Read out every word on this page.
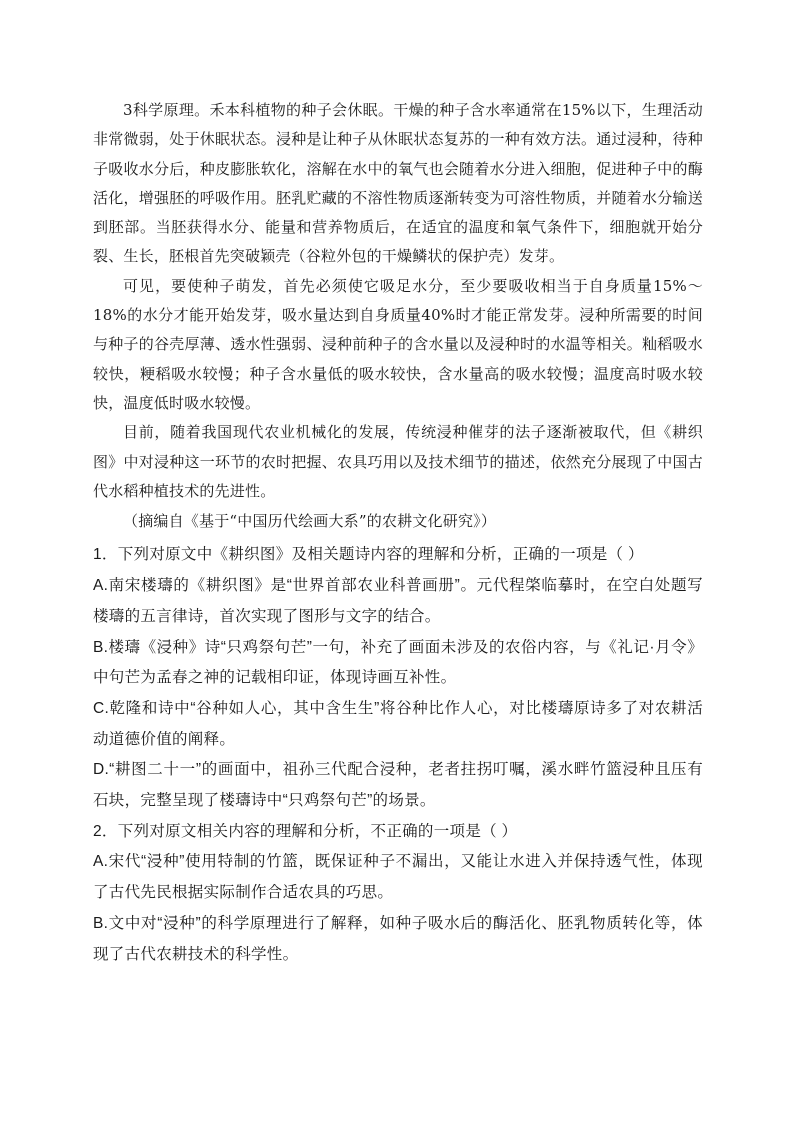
3科学原理。禾本科植物的种子会休眠。干燥的种子含水率通常在15%以下，生理活动非常微弱，处于休眠状态。浸种是让种子从休眠状态复苏的一种有效方法。通过浸种，待种子吸收水分后，种皮膨胀软化，溶解在水中的氧气也会随着水分进入细胞，促进种子中的酶活化，增强胚的呼吸作用。胚乳贮藏的不溶性物质逐渐转变为可溶性物质，并随着水分输送到胚部。当胚获得水分、能量和营养物质后，在适宜的温度和氧气条件下，细胞就开始分裂、生长，胚根首先突破颖壳（谷粒外包的干燥鳞状的保护壳）发芽。

可见，要使种子萌发，首先必须使它吸足水分，至少要吸收相当于自身质量15%～18%的水分才能开始发芽，吸水量达到自身质量40%时才能正常发芽。浸种所需要的时间与种子的谷壳厚薄、透水性强弱、浸种前种子的含水量以及浸种时的水温等相关。籼稻吸水较快，粳稻吸水较慢；种子含水量低的吸水较快，含水量高的吸水较慢；温度高时吸水较快，温度低时吸水较慢。

目前，随着我国现代农业机械化的发展，传统浸种催芽的法子逐渐被取代，但《耕织图》中对浸种这一环节的农时把握、农具巧用以及技术细节的描述，依然充分展现了中国古代水稻种植技术的先进性。

（摘编自《基于“中国历代绘画大系”的农耕文化研究》）

1．下列对原文中《耕织图》及相关题诗内容的理解和分析，正确的一项是（ ）

A.南宋楼璹的《耕织图》是“世界首部农业科普画册”。元代程棨临摹时，在空白处题写楼璹的五言律诗，首次实现了图形与文字的结合。

B.楼璹《浸种》诗“只鸡祭句芒”一句，补充了画面未涉及的农俗内容，与《礼记·月令》中句芒为孟春之神的记载相印证，体现诗画互补性。

C.乾隆和诗中“谷种如人心，其中含生生”将谷种比作人心，对比楼璹原诗多了对农耕活动道德价值的阐释。

D.“耕图二十一”的画面中，祖孙三代配合浸种，老者拄拐叮嘱，溪水畔竹篮浸种且压有石块，完整呈现了楼璹诗中“只鸡祭句芒”的场景。

2．下列对原文相关内容的理解和分析，不正确的一项是（ ）

A.宋代“浸种”使用特制的竹篮，既保证种子不漏出，又能让水进入并保持透气性，体现了古代先民根据实际制作合适农具的巧思。

B.文中对“浸种”的科学原理进行了解释，如种子吸水后的酶活化、胚乳物质转化等，体现了古代农耕技术的科学性。
